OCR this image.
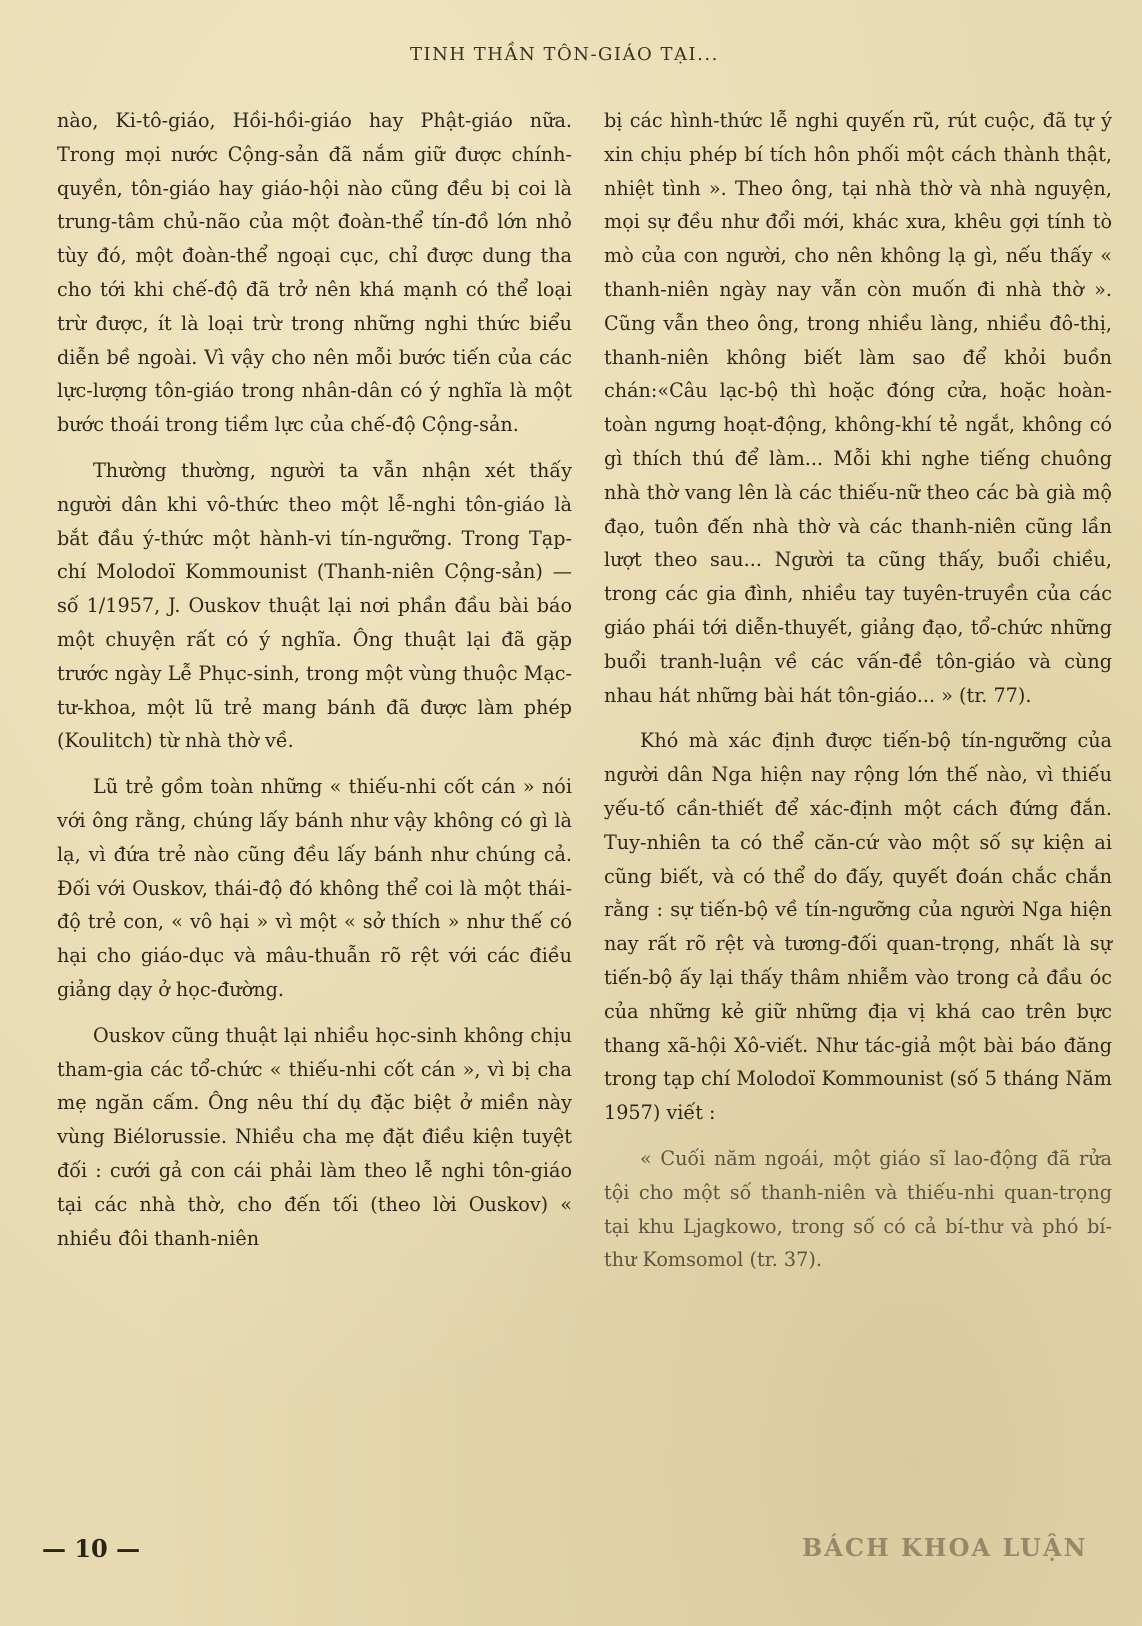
TINH THẦN TÔN-GIÁO TẠI...

nào, Ki-tô-giáo, Hồi-hồi-giáo hay Phật-giáo nữa. Trong mọi nước Cộng-sản đã nắm giữ được chính-quyền, tôn-giáo hay giáo-hội nào cũng đều bị coi là trung-tâm chủ-não của một đoàn-thể tín-đồ lớn nhỏ tùy đó, một đoàn-thể ngoại cục, chỉ được dung tha cho tới khi chế-độ đã trở nên khá mạnh có thể loại trừ được, ít là loại trừ trong những nghi thức biểu diễn bề ngoài. Vì vậy cho nên mỗi bước tiến của các lực-lượng tôn-giáo trong nhân-dân có ý nghĩa là một bước thoái trong tiềm lực của chế-độ Cộng-sản.

Thường thường, người ta vẫn nhận xét thấy người dân khi vô-thức theo một lễ-nghi tôn-giáo là bắt đầu ý-thức một hành-vi tín-ngưỡng. Trong Tạp-chí Molodoï Kommounist (Thanh-niên Cộng-sản) — số 1/1957, J. Ouskov thuật lại nơi phần đầu bài báo một chuyện rất có ý nghĩa. Ông thuật lại đã gặp trước ngày Lễ Phục-sinh, trong một vùng thuộc Mạc-tư-khoa, một lũ trẻ mang bánh đã được làm phép (Koulitch) từ nhà thờ về.

Lũ trẻ gồm toàn những « thiếu-nhi cốt cán » nói với ông rằng, chúng lấy bánh như vậy không có gì là lạ, vì đứa trẻ nào cũng đều lấy bánh như chúng cả. Đối với Ouskov, thái-độ đó không thể coi là một thái-độ trẻ con, « vô hại » vì một « sở thích » như thế có hại cho giáo-dục và mâu-thuẫn rõ rệt với các điều giảng dạy ở học-đường.

Ouskov cũng thuật lại nhiều học-sinh không chịu tham-gia các tổ-chức « thiếu-nhi cốt cán », vì bị cha mẹ ngăn cấm. Ông nêu thí dụ đặc biệt ở miền này vùng Biélorussie. Nhiều cha mẹ đặt điều kiện tuyệt đối : cưới gả con cái phải làm theo lễ nghi tôn-giáo tại các nhà thờ, cho đến tối (theo lời Ouskov) « nhiều đôi thanh-niên

bị các hình-thức lễ nghi quyến rũ, rút cuộc, đã tự ý xin chịu phép bí tích hôn phối một cách thành thật, nhiệt tình ». Theo ông, tại nhà thờ và nhà nguyện, mọi sự đều như đổi mới, khác xưa, khêu gợi tính tò mò của con người, cho nên không lạ gì, nếu thấy « thanh-niên ngày nay vẫn còn muốn đi nhà thờ ». Cũng vẫn theo ông, trong nhiều làng, nhiều đô-thị, thanh-niên không biết làm sao để khỏi buồn chán:«Câu lạc-bộ thì hoặc đóng cửa, hoặc hoàn-toàn ngưng hoạt-động, không-khí tẻ ngắt, không có gì thích thú để làm... Mỗi khi nghe tiếng chuông nhà thờ vang lên là các thiếu-nữ theo các bà già mộ đạo, tuôn đến nhà thờ và các thanh-niên cũng lần lượt theo sau... Người ta cũng thấy, buổi chiều, trong các gia đình, nhiều tay tuyên-truyền của các giáo phái tới diễn-thuyết, giảng đạo, tổ-chức những buổi tranh-luận về các vấn-đề tôn-giáo và cùng nhau hát những bài hát tôn-giáo... » (tr. 77).

Khó mà xác định được tiến-bộ tín-ngưỡng của người dân Nga hiện nay rộng lớn thế nào, vì thiếu yếu-tố cần-thiết để xác-định một cách đứng đắn. Tuy-nhiên ta có thể căn-cứ vào một số sự kiện ai cũng biết, và có thể do đấy, quyết đoán chắc chắn rằng : sự tiến-bộ về tín-ngưỡng của người Nga hiện nay rất rõ rệt và tương-đối quan-trọng, nhất là sự tiến-bộ ấy lại thấy thâm nhiễm vào trong cả đầu óc của những kẻ giữ những địa vị khá cao trên bực thang xã-hội Xô-viết. Như tác-giả một bài báo đăng trong tạp chí Molodoï Kommounist (số 5 tháng Năm 1957) viết :

« Cuối năm ngoái, một giáo sĩ lao-động đã rửa tội cho một số thanh-niên và thiếu-nhi quan-trọng tại khu Ljagkowo, trong số có cả bí-thư và phó bí-thư Komsomol (tr. 37).

— 10 —	BÁCH KHOA LUẬN
